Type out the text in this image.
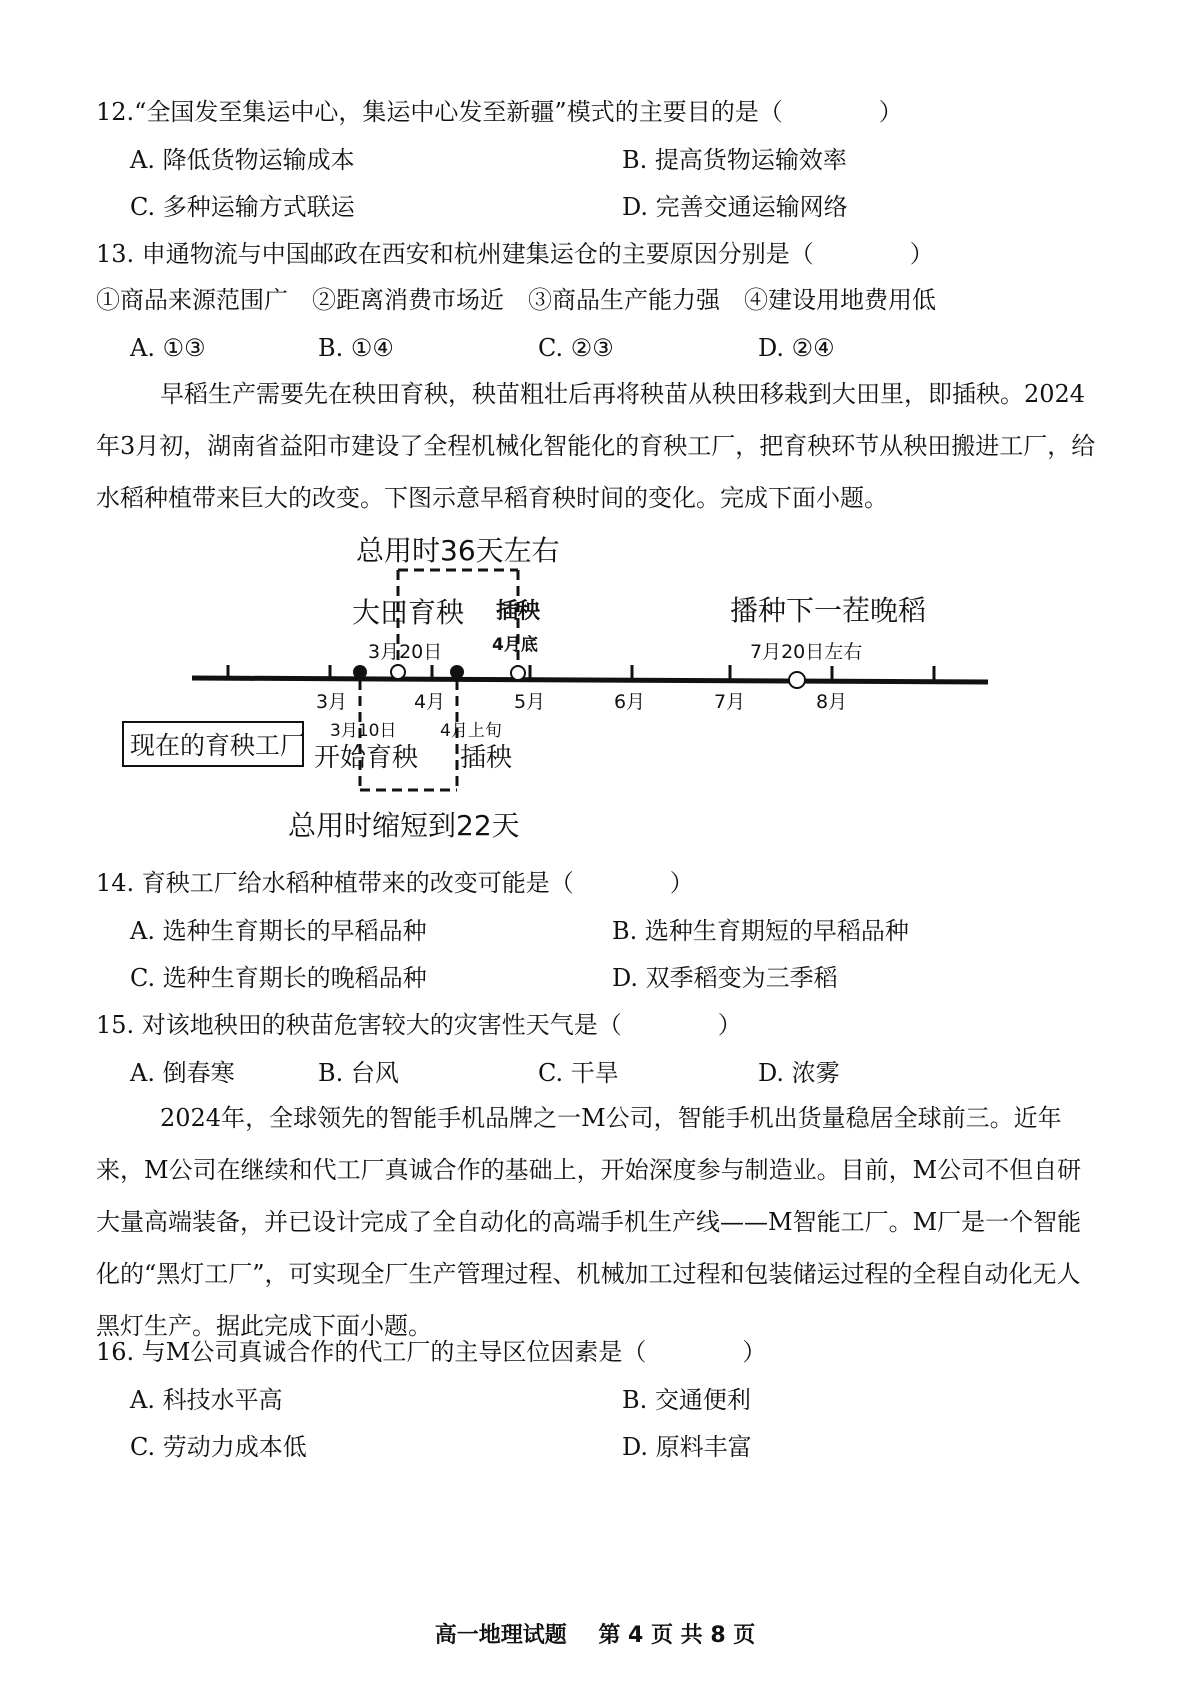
12.“全国发至集运中心，集运中心发至新疆”模式的主要目的是（　　　　）
A. 降低货物运输成本	B. 提高货物运输效率
C. 多种运输方式联运	D. 完善交通运输网络
13. 申通物流与中国邮政在西安和杭州建集运仓的主要原因分别是（　　　　）
①商品来源范围广　②距离消费市场近　③商品生产能力强　④建设用地费用低
A. ①③	B. ①④	C. ②③	D. ②④
早稻生产需要先在秧田育秧，秧苗粗壮后再将秧苗从秧田移栽到大田里，即插秧。2024年3月初，湖南省益阳市建设了全程机械化智能化的育秧工厂，把育秧环节从秧田搬进工厂，给水稻种植带来巨大的改变。下图示意早稻育秧时间的变化。完成下面小题。
总用时36天左右
大田育秧 插秧
4月底
3月20日
播种下一茬晚稻
7月20日左右
3月	4月	5月	6月	7月	8月
现在的育秧工厂 3月10日	4月上旬
开始育秧 插秧
总用时缩短到22天
14. 育秧工厂给水稻种植带来的改变可能是（　　　　）
A. 选种生育期长的早稻品种	B. 选种生育期短的早稻品种
C. 选种生育期长的晚稻品种	D. 双季稻变为三季稻
15. 对该地秧田的秧苗危害较大的灾害性天气是（　　　　）
A. 倒春寒	B. 台风	C. 干旱	D. 浓雾
2024年，全球领先的智能手机品牌之一M公司，智能手机出货量稳居全球前三。近年来，M公司在继续和代工厂真诚合作的基础上，开始深度参与制造业。目前，M公司不但自研大量高端装备，并已设计完成了全自动化的高端手机生产线——M智能工厂。M厂是一个智能化的“黑灯工厂”，可实现全厂生产管理过程、机械加工过程和包装储运过程的全程自动化无人黑灯生产。据此完成下面小题。
16. 与M公司真诚合作的代工厂的主导区位因素是（　　　　）
A. 科技水平高	B. 交通便利
C. 劳动力成本低	D. 原料丰富
高一地理试题 第 4 页 共 8 页
